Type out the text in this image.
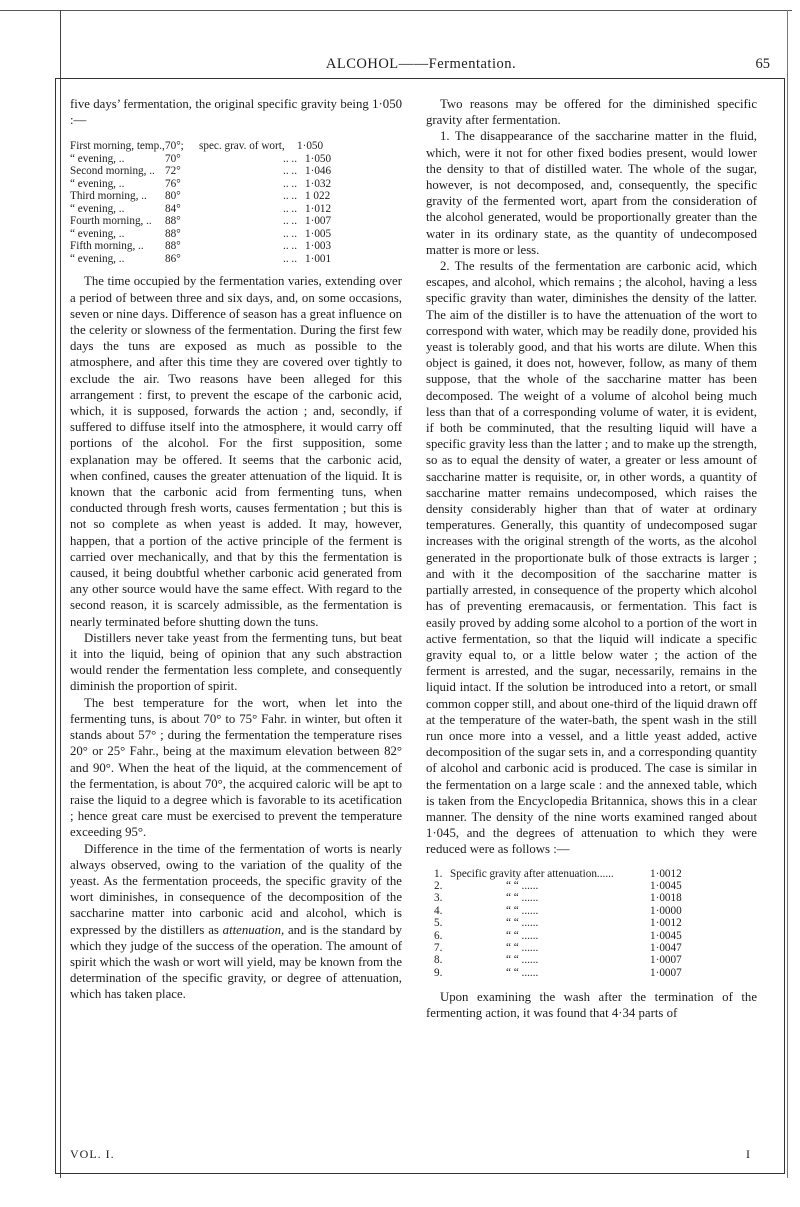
ALCOHOL——Fermentation.	65

five days’ fermentation, the original specific gravity being 1·050 :—

First morning, temp., 70°;	spec. grav. of wort,	1·050
“ evening, ..	70°	.. .. 1·050
Second morning, .. 72°	.. .. 1·046
“ evening, ..	76°	.. .. 1·032
Third morning, ..	80°	.. .. 1 022
“ evening, ..	84°	.. .. 1·012
Fourth morning, ..	88°	.. .. 1·007
“ evening, ..	88°	.. .. 1·005
Fifth morning, ..	88°	.. .. 1·003
“ evening, ..	86°	.. .. 1·001

The time occupied by the fermentation varies, extending over a period of between three and six days, and, on some occasions, seven or nine days. Difference of season has a great influence on the celerity or slowness of the fermentation. During the first few days the tuns are exposed as much as possible to the atmosphere, and after this time they are covered over tightly to exclude the air. Two reasons have been alleged for this arrangement : first, to prevent the escape of the carbonic acid, which, it is supposed, forwards the action ; and, secondly, if suffered to diffuse itself into the atmosphere, it would carry off portions of the alcohol. For the first supposition, some explanation may be offered. It seems that the carbonic acid, when confined, causes the greater attenuation of the liquid. It is known that the carbonic acid from fermenting tuns, when conducted through fresh worts, causes fermentation ; but this is not so complete as when yeast is added. It may, however, happen, that a portion of the active principle of the ferment is carried over mechanically, and that by this the fermentation is caused, it being doubtful whether carbonic acid generated from any other source would have the same effect. With regard to the second reason, it is scarcely admissible, as the fermentation is nearly terminated before shutting down the tuns.

Distillers never take yeast from the fermenting tuns, but beat it into the liquid, being of opinion that any such abstraction would render the fermentation less complete, and consequently diminish the proportion of spirit.

The best temperature for the wort, when let into the fermenting tuns, is about 70° to 75° Fahr. in winter, but often it stands about 57° ; during the fermentation the temperature rises 20° or 25° Fahr., being at the maximum elevation between 82° and 90°. When the heat of the liquid, at the commencement of the fermentation, is about 70°, the acquired caloric will be apt to raise the liquid to a degree which is favorable to its acetification ; hence great care must be exercised to prevent the temperature exceeding 95°.

Difference in the time of the fermentation of worts is nearly always observed, owing to the variation of the quality of the yeast. As the fermentation proceeds, the specific gravity of the wort diminishes, in consequence of the decomposition of the saccharine matter into carbonic acid and alcohol, which is expressed by the distillers as attenuation, and is the standard by which they judge of the success of the operation. The amount of spirit which the wash or wort will yield, may be known from the determination of the specific gravity, or degree of attenuation, which has taken place.

Two reasons may be offered for the diminished specific gravity after fermentation.

1. The disappearance of the saccharine matter in the fluid, which, were it not for other fixed bodies present, would lower the density to that of distilled water. The whole of the sugar, however, is not decomposed, and, consequently, the specific gravity of the fermented wort, apart from the consideration of the alcohol generated, would be proportionally greater than the water in its ordinary state, as the quantity of undecomposed matter is more or less.

2. The results of the fermentation are carbonic acid, which escapes, and alcohol, which remains ; the alcohol, having a less specific gravity than water, diminishes the density of the latter. The aim of the distiller is to have the attenuation of the wort to correspond with water, which may be readily done, provided his yeast is tolerably good, and that his worts are dilute. When this object is gained, it does not, however, follow, as many of them suppose, that the whole of the saccharine matter has been decomposed. The weight of a volume of alcohol being much less than that of a corresponding volume of water, it is evident, if both be comminuted, that the resulting liquid will have a specific gravity less than the latter ; and to make up the strength, so as to equal the density of water, a greater or less amount of saccharine matter is requisite, or, in other words, a quantity of saccharine matter remains undecomposed, which raises the density considerably higher than that of water at ordinary temperatures. Generally, this quantity of undecomposed sugar increases with the original strength of the worts, as the alcohol generated in the proportionate bulk of those extracts is larger ; and with it the decomposition of the saccharine matter is partially arrested, in consequence of the property which alcohol has of preventing eremacausis, or fermentation. This fact is easily proved by adding some alcohol to a portion of the wort in active fermentation, so that the liquid will indicate a specific gravity equal to, or a little below water ; the action of the ferment is arrested, and the sugar, necessarily, remains in the liquid intact. If the solution be introduced into a retort, or small common copper still, and about one-third of the liquid drawn off at the temperature of the water-bath, the spent wash in the still run once more into a vessel, and a little yeast added, active decomposition of the sugar sets in, and a corresponding quantity of alcohol and carbonic acid is produced. The case is similar in the fermentation on a large scale : and the annexed table, which is taken from the Encyclopedia Britannica, shows this in a clear manner. The density of the nine worts examined ranged about 1·045, and the degrees of attenuation to which they were reduced were as follows :—

1. Specific gravity after attenuation......	1·0012
2.	“ “ ......	1·0045
3.	“ “ ......	1·0018
4.	“ “ ......	1·0000
5.	“ “ ......	1·0012
6.	“ “ ......	1·0045
7.	“ “ ......	1·0047
8.	“ “ ......	1·0007
9.	“ “ ......	1·0007

Upon examining the wash after the termination of the fermenting action, it was found that 4·34 parts of

VOL. I.	I
